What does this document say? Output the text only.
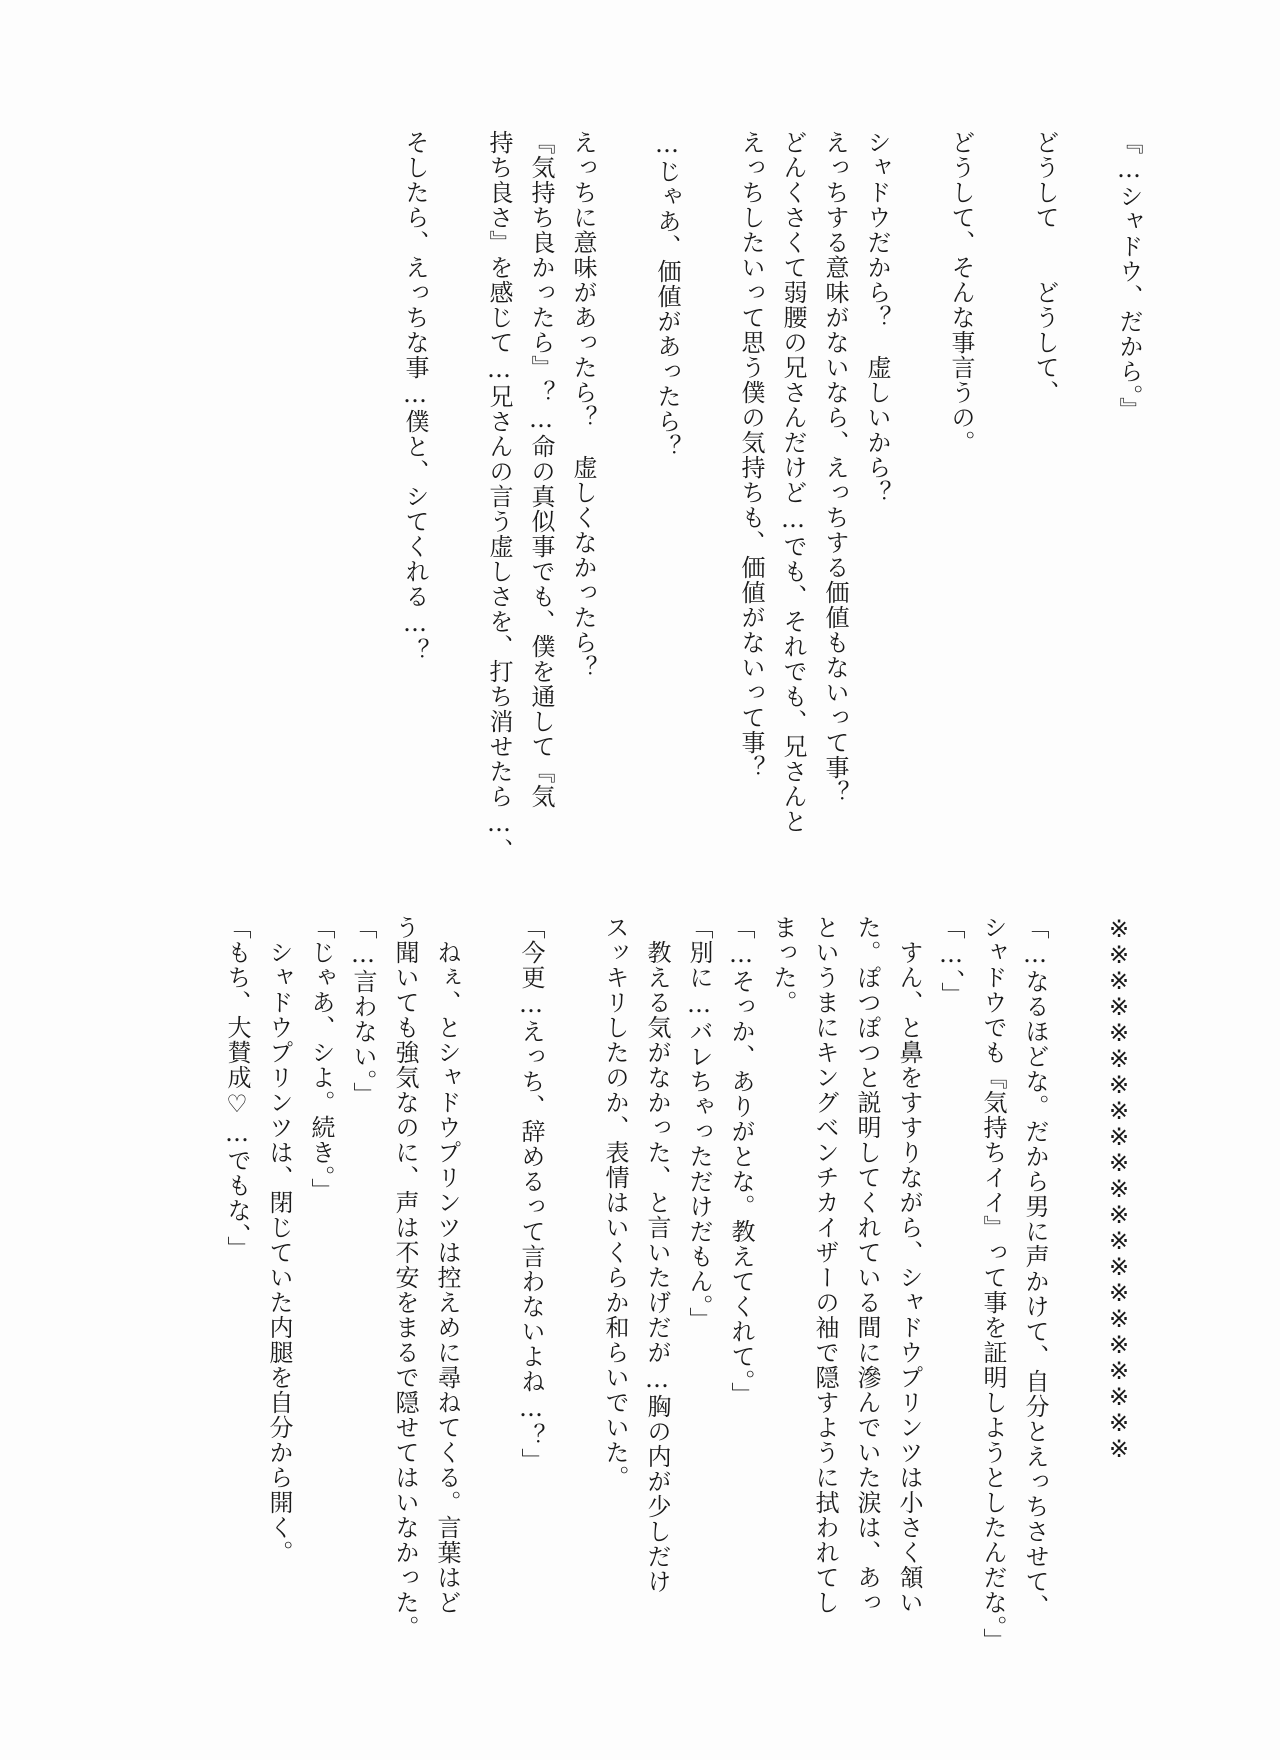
『…シャドウ、だから。』

どうして　　どうして、

どうして、そんな事言うの。

シャドウだから？　虚しいから？

えっちする意味がないなら、えっちする価値もないって事？

どんくさくて弱腰の兄さんだけど…でも、それでも、兄さんと

えっちしたいって思う僕の気持ちも、価値がないって事？

…じゃあ、価値があったら？

えっちに意味があったら？　虚しくなかったら？

『気持ち良かったら』？…命の真似事でも、僕を通して『気

持ち良さ』を感じて…兄さんの言う虚しさを、打ち消せたら…、

そしたら、えっちな事…僕と、シてくれる…？

※※※※※※※※※※※※※※※※※※※※※

「…なるほどな。だから男に声かけて、自分とえっちさせて、

シャドウでも『気持ちイイ』って事を証明しようとしたんだな。」

「…、」

　すん、と鼻をすすりながら、シャドウプリンツは小さく頷い

た。ぽつぽつと説明してくれている間に滲んでいた涙は、あっ

というまにキングベンチカイザーの袖で隠すように拭われてし

まった。

「…そっか、ありがとな。教えてくれて。」

「別に…バレちゃっただけだもん。」

　教える気がなかった、と言いたげだが…胸の内が少しだけ

スッキリしたのか、表情はいくらか和らいでいた。

「今更…えっち、辞めるって言わないよね…？」

　ねぇ、とシャドウプリンツは控えめに尋ねてくる。言葉はど

う聞いても強気なのに、声は不安をまるで隠せてはいなかった。

「…言わない。」

「じゃあ、シよ。続き。」

　シャドウプリンツは、閉じていた内腿を自分から開く。

「もち、大賛成♡…でもな、」
